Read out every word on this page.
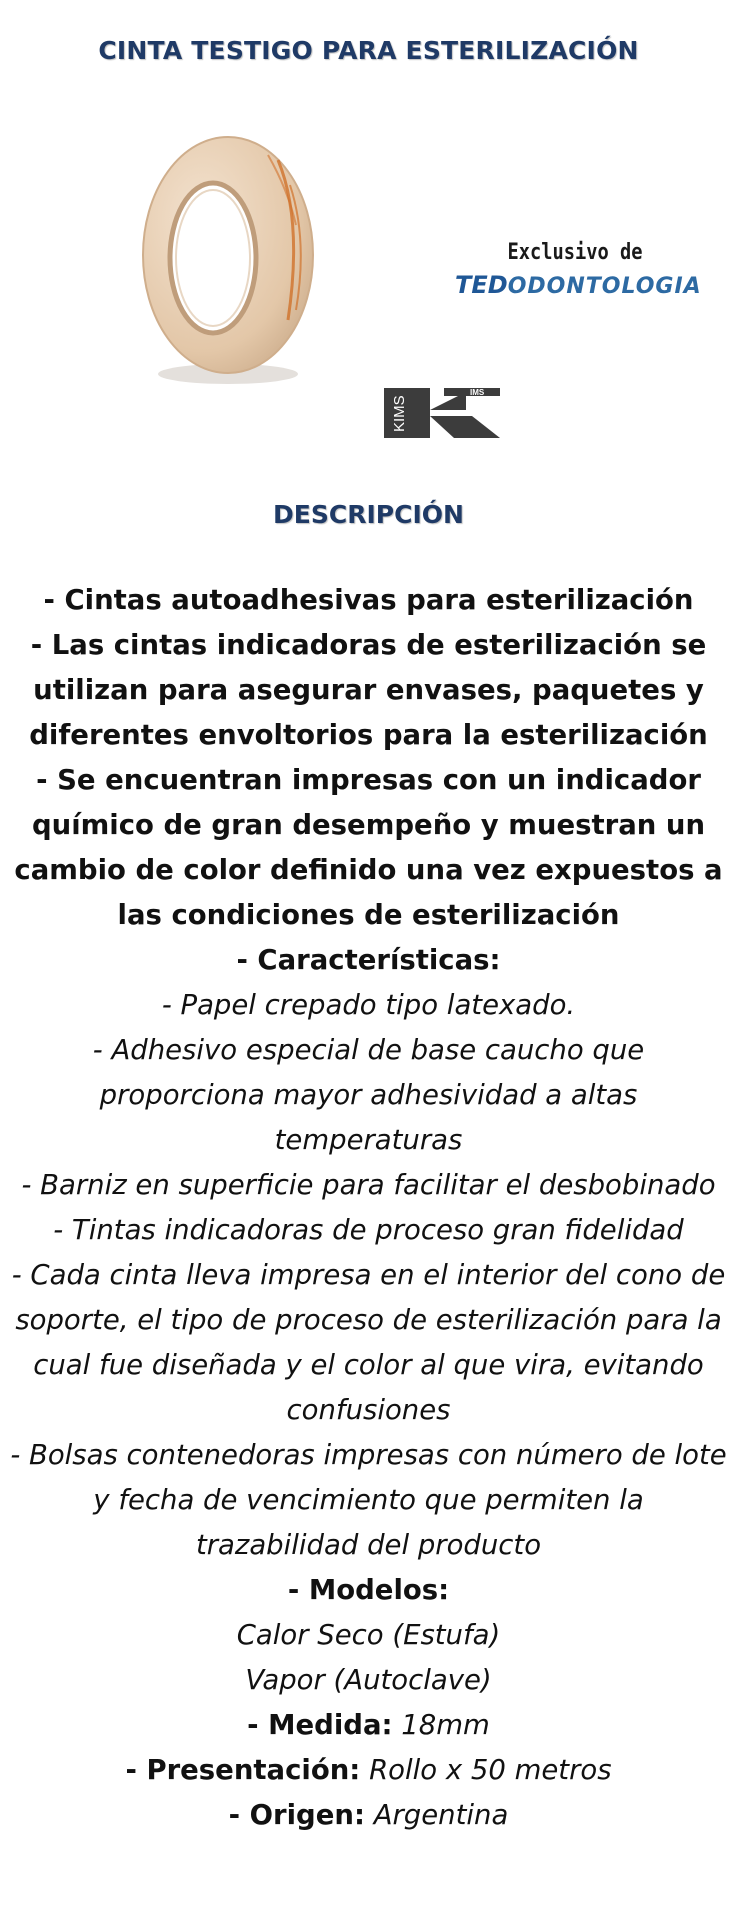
CINTA TESTIGO PARA ESTERILIZACIÓN
Exclusivo de
TEDODONTOLOGIA
KIMS
IMS
DESCRIPCIÓN

- Cintas autoadhesivas para esterilización

- Las cintas indicadoras de esterilización se utilizan para asegurar envases, paquetes y diferentes envoltorios para la esterilización

- Se encuentran impresas con un indicador químico de gran desempeño y muestran un cambio de color definido una vez expuestos a las condiciones de esterilización

- Características:

- Papel crepado tipo latexado.

- Adhesivo especial de base caucho que proporciona mayor adhesividad a altas temperaturas

- Barniz en superficie para facilitar el desbobinado

- Tintas indicadoras de proceso gran fidelidad

- Cada cinta lleva impresa en el interior del cono de soporte, el tipo de proceso de esterilización para la cual fue diseñada y el color al que vira, evitando confusiones

- Bolsas contenedoras impresas con número de lote y fecha de vencimiento que permiten la trazabilidad del producto

- Modelos:

Calor Seco (Estufa)

Vapor (Autoclave)

- Medida: 18mm

- Presentación: Rollo x 50 metros

- Origen: Argentina
